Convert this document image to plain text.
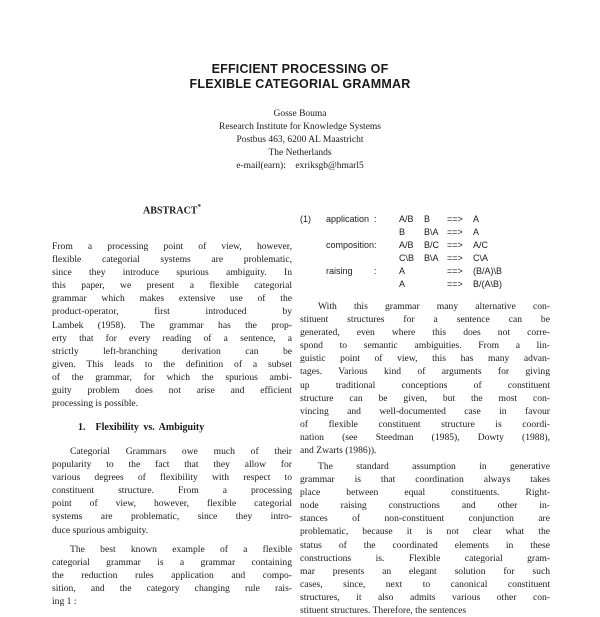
EFFICIENT PROCESSING OF
FLEXIBLE CATEGORIAL GRAMMAR
Gosse Bouma
Research Institute for Knowledge Systems
Postbus 463, 6200 AL Maastricht
The Netherlands
e-mail(earn):    exriksgb@hmarl5
ABSTRACT*
From a processing point of view, however,
flexible categorial systems are problematic,
since they introduce spurious ambiguity. In
this paper, we present a flexible categorial
grammar which makes extensive use of the
product-operator, first introduced by
Lambek (1958). The grammar has the prop-
erty that for every reading of a sentence, a
strictly left-branching derivation can be
given. This leads to the definition of a subset
of the grammar, for which the spurious ambi-
guity problem does not arise and efficient
processing is possible.
1. Flexibility vs. Ambiguity
Categorial Grammars owe much of their
popularity to the fact that they allow for
various degrees of flexibility with respect to
constituent structure. From a processing
point of view, however, flexible categorial
systems are problematic, since they intro-
duce spurious ambiguity.
The best known example of a flexible
categorial grammar is a grammar containing
the reduction rules application and compo-
sition, and the category changing rule rais-
ing 1 :
(1) application : A/B B ==> A
B B\A ==> A
composition : A/B B/C ==> A/C
C\B B\A ==> C\A
raising : A	==> (B/A)\B
A	==> B/(A\B)
With this grammar many alternative con-
stituent structures for a sentence can be
generated, even where this does not corre-
spond to semantic ambiguities. From a lin-
guistic point of view, this has many advan-
tages. Various kind of arguments for giving
up traditional conceptions of constituent
structure can be given, but the most con-
vincing and well-documented case in favour
of flexible constituent structure is coordi-
nation (see Steedman (1985), Dowty (1988),
and Zwarts (1986)).
The standard assumption in generative
grammar is that coordination always takes
place between equal constituents. Right-
node raising constructions and other in-
stances of non-constituent conjunction are
problematic, because it is not clear what the
status of the coordinated elements in these
constructions is. Flexible categorial gram-
mar presents an elegant solution for such
cases, since, next to canonical constituent
structures, it also admits various other con-
stituent structures. Therefore, the sentences
